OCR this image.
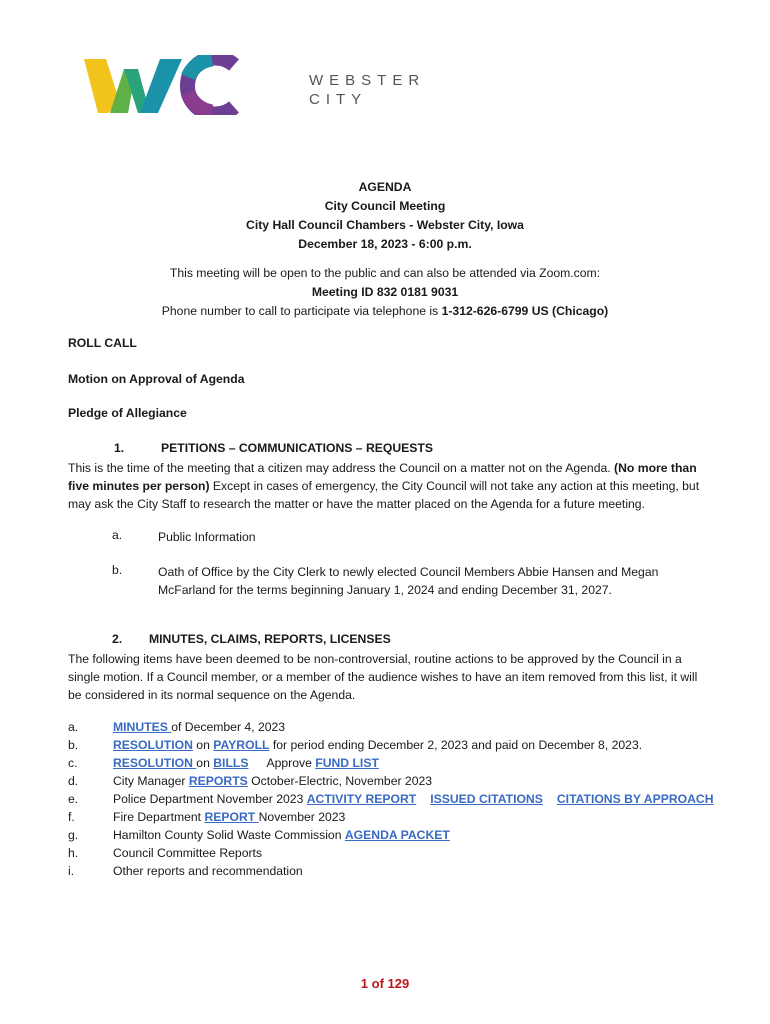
WEBSTER
CITY
AGENDA
City Council Meeting
City Hall Council Chambers - Webster City, Iowa
December 18, 2023 - 6:00 p.m.
This meeting will be open to the public and can also be attended via Zoom.com:
Meeting ID 832 0181 9031
Phone number to call to participate via telephone is 1-312-626-6799 US (Chicago)
ROLL CALL
Motion on Approval of Agenda
Pledge of Allegiance
1.	PETITIONS – COMMUNICATIONS – REQUESTS
This is the time of the meeting that a citizen may address the Council on a matter not on the Agenda. (No more than five minutes per person) Except in cases of emergency, the City Council will not take any action at this meeting, but may ask the City Staff to research the matter or have the matter placed on the Agenda for a future meeting.
a.	Public Information
b.	Oath of Office by the City Clerk to newly elected Council Members Abbie Hansen and Megan McFarland for the terms beginning January 1, 2024 and ending December 31, 2027.
2. MINUTES, CLAIMS, REPORTS, LICENSES
The following items have been deemed to be non-controversial, routine actions to be approved by the Council in a single motion. If a Council member, or a member of the audience wishes to have an item removed from this list, it will be considered in its normal sequence on the Agenda.
a.	MINUTES of December 4, 2023
b.	RESOLUTION on PAYROLL for period ending December 2, 2023 and paid on December 8, 2023.
c.	RESOLUTION on BILLS Approve FUND LIST
d.	City Manager REPORTS October-Electric, November 2023
e.	Police Department November 2023 ACTIVITY REPORT ISSUED CITATIONS CITATIONS BY APPROACH
f.	Fire Department REPORT November 2023
g.	Hamilton County Solid Waste Commission AGENDA PACKET
h.	Council Committee Reports
i.	Other reports and recommendation
1 of 129
